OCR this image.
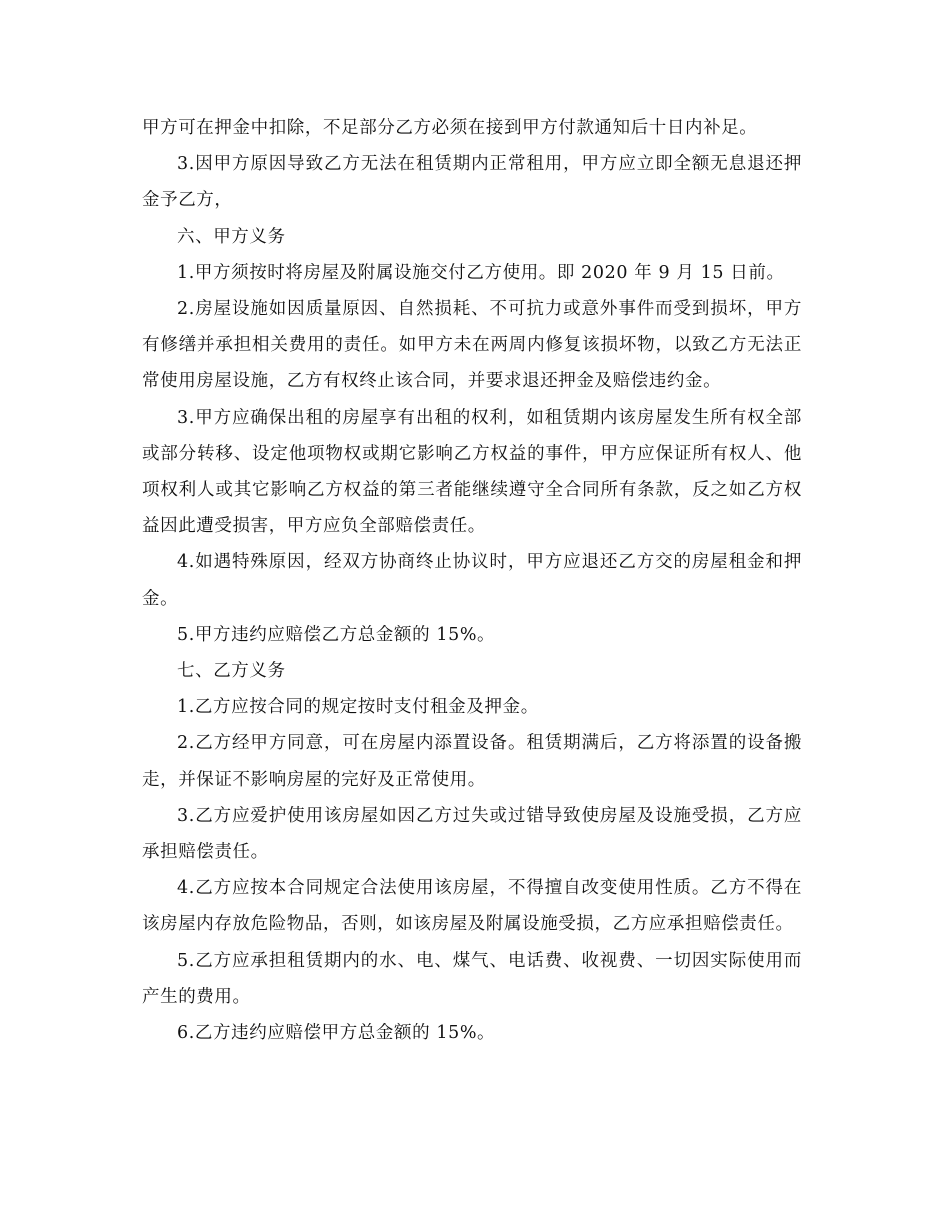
甲方可在押金中扣除，不足部分乙方必须在接到甲方付款通知后十日内补足。

3.因甲方原因导致乙方无法在租赁期内正常租用，甲方应立即全额无息退还押金予乙方，

六、甲方义务

1.甲方须按时将房屋及附属设施交付乙方使用。即 2020 年 9 月 15 日前。

2.房屋设施如因质量原因、自然损耗、不可抗力或意外事件而受到损坏，甲方有修缮并承担相关费用的责任。如甲方未在两周内修复该损坏物，以致乙方无法正常使用房屋设施，乙方有权终止该合同，并要求退还押金及赔偿违约金。

3.甲方应确保出租的房屋享有出租的权利，如租赁期内该房屋发生所有权全部或部分转移、设定他项物权或期它影响乙方权益的事件，甲方应保证所有权人、他项权利人或其它影响乙方权益的第三者能继续遵守全合同所有条款，反之如乙方权益因此遭受损害，甲方应负全部赔偿责任。

4.如遇特殊原因，经双方协商终止协议时，甲方应退还乙方交的房屋租金和押金。

5.甲方违约应赔偿乙方总金额的 15%。

七、乙方义务

1.乙方应按合同的规定按时支付租金及押金。

2.乙方经甲方同意，可在房屋内添置设备。租赁期满后，乙方将添置的设备搬走，并保证不影响房屋的完好及正常使用。

3.乙方应爱护使用该房屋如因乙方过失或过错导致使房屋及设施受损，乙方应承担赔偿责任。

4.乙方应按本合同规定合法使用该房屋，不得擅自改变使用性质。乙方不得在该房屋内存放危险物品，否则，如该房屋及附属设施受损，乙方应承担赔偿责任。

5.乙方应承担租赁期内的水、电、煤气、电话费、收视费、一切因实际使用而产生的费用。

6.乙方违约应赔偿甲方总金额的 15%。
